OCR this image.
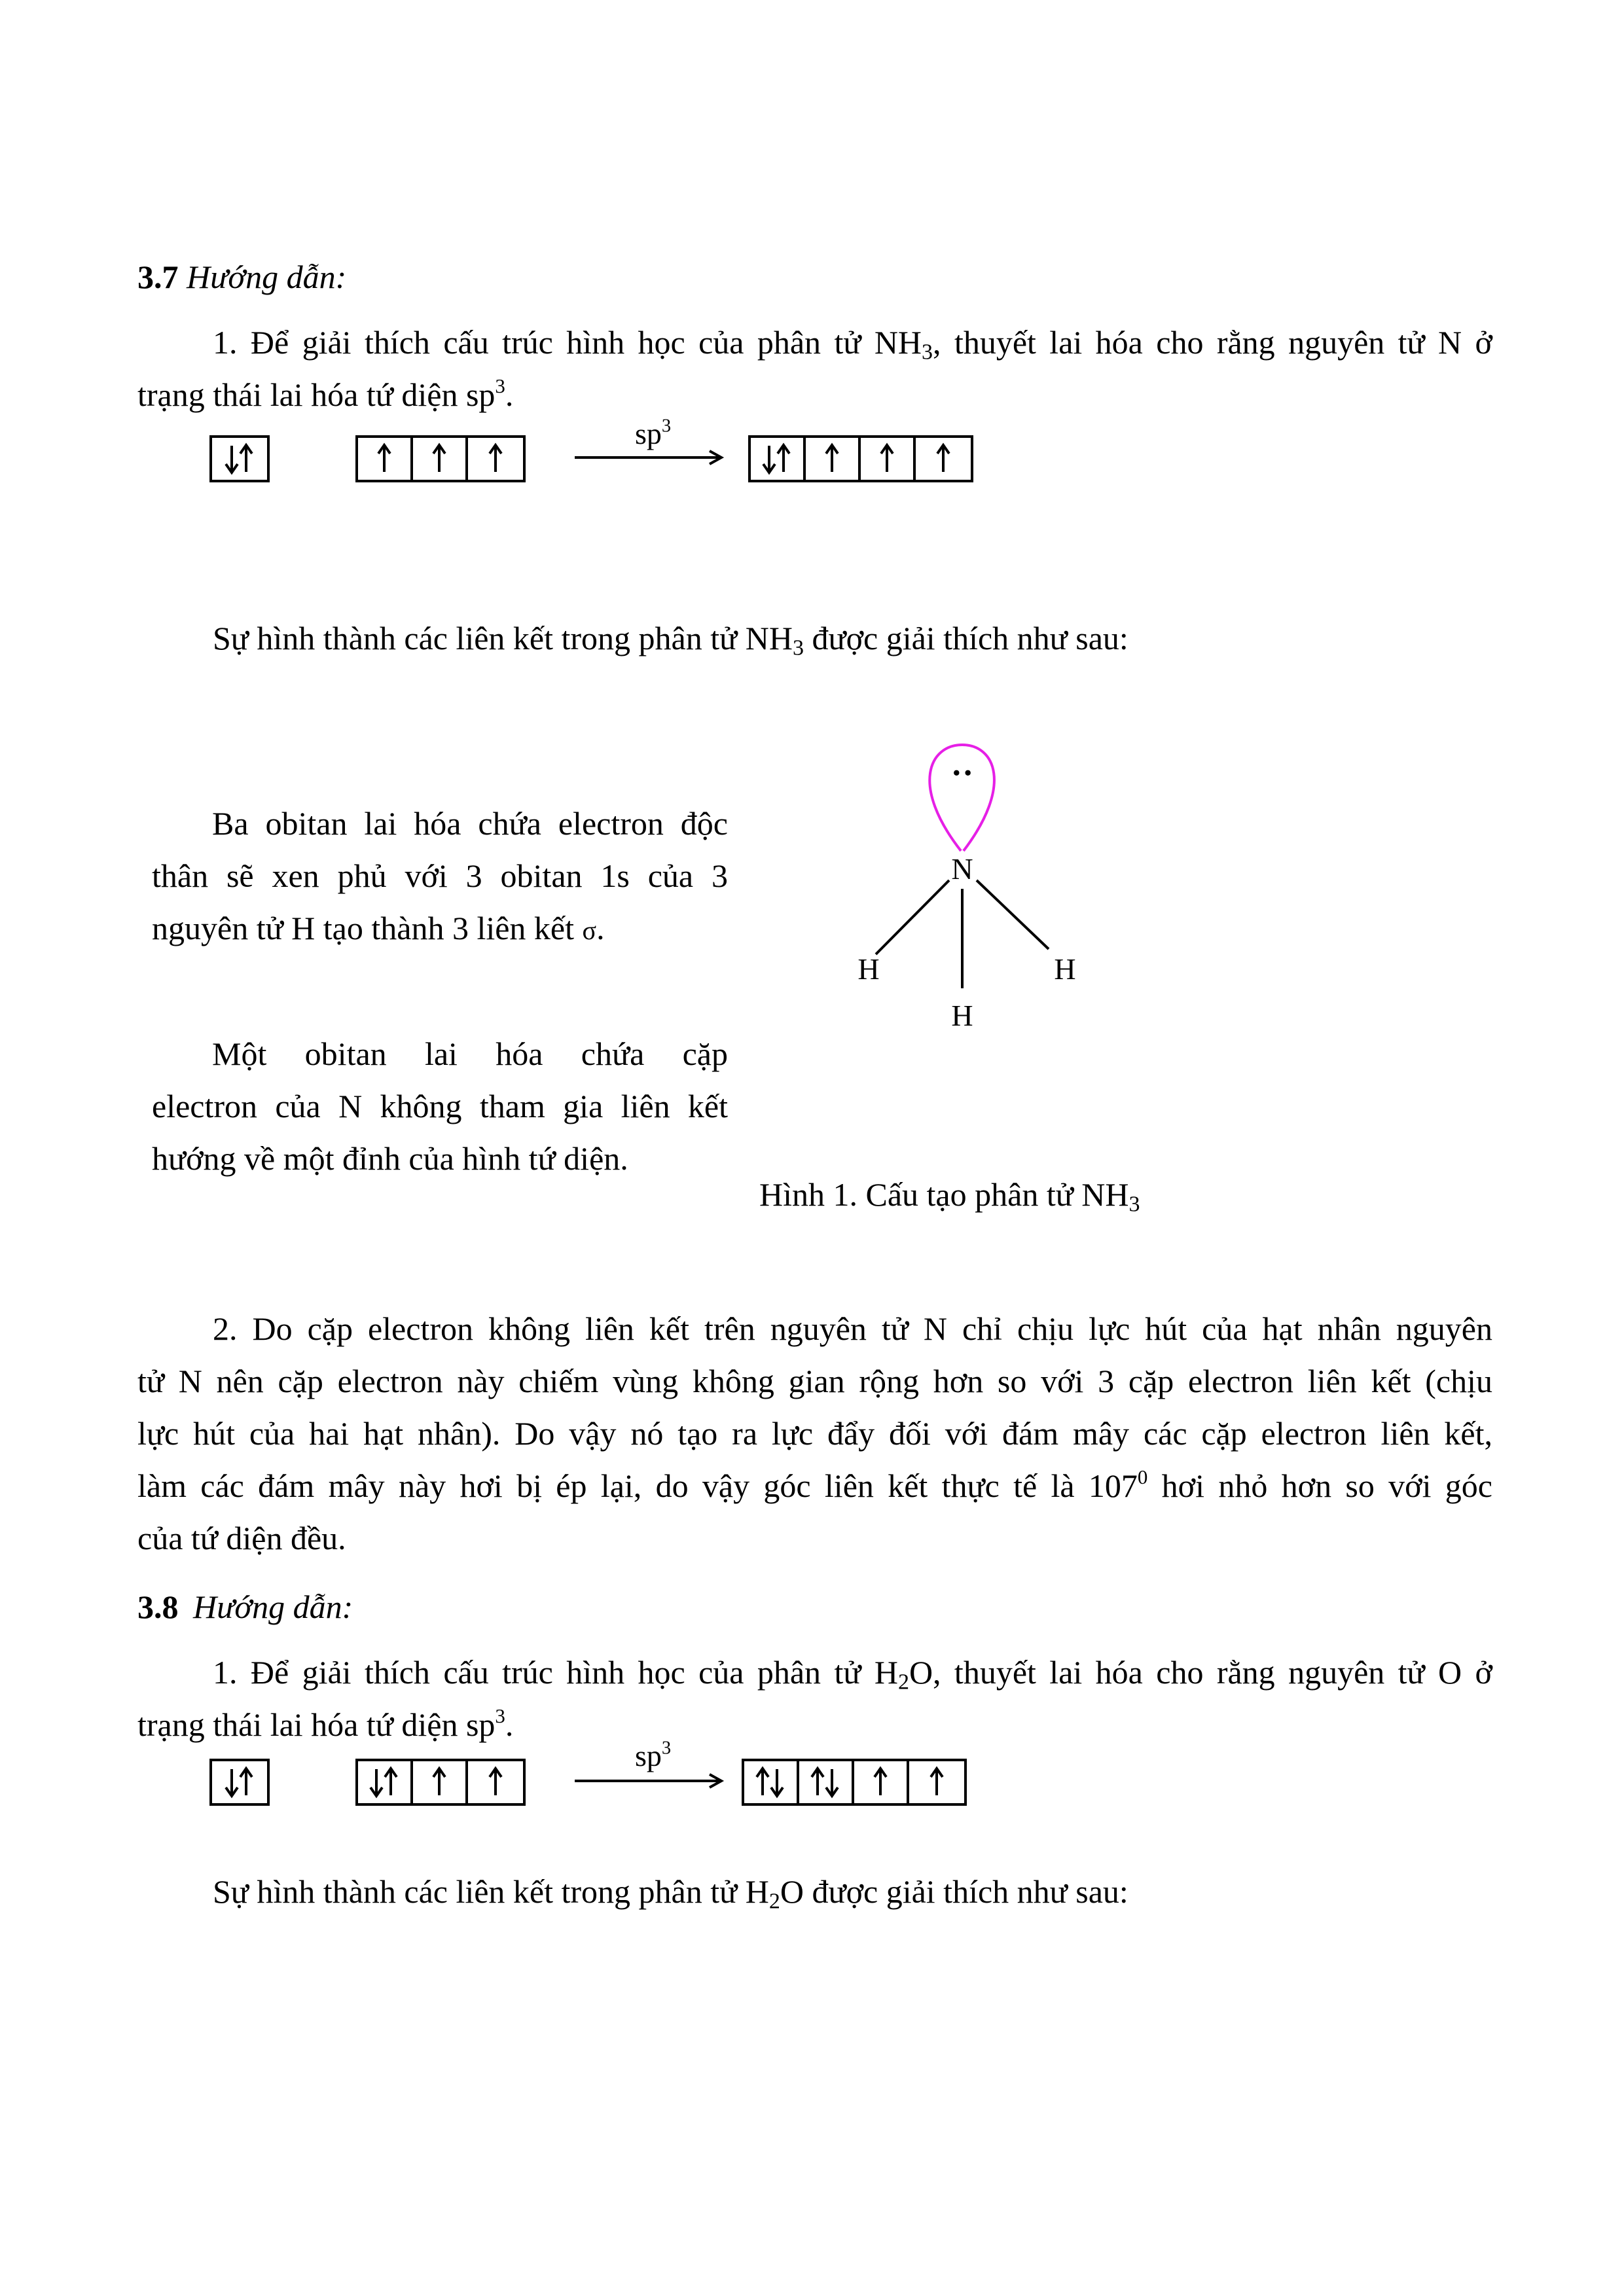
3.7 Hướng dẫn:
1. Để giải thích cấu trúc hình học của phân tử $NH_3$, thuyết lai hóa cho rằng nguyên tử N ở
trạng thái lai hóa tứ diện $sp^3$.
$sp^3$
Sự hình thành các liên kết trong phân tử $NH_3$ được giải thích như sau:
Ba obitan lai hóa chứa electron độc
thân sẽ xen phủ với 3 obitan 1s của 3
nguyên tử H tạo thành 3 liên kết σ.
Một obitan lai hóa chứa cặp
electron của N không tham gia liên kết
hướng về một đỉnh của hình tứ diện.
··
N
H	H
H
Hình 1. Cấu tạo phân tử $NH_3$
2. Do cặp electron không liên kết trên nguyên tử N chỉ chịu lực hút của hạt nhân nguyên
tử N nên cặp electron này chiếm vùng không gian rộng hơn so với 3 cặp electron liên kết (chịu
lực hút của hai hạt nhân). Do vậy nó tạo ra lực đẩy đối với đám mây các cặp electron liên kết,
làm các đám mây này hơi bị ép lại, do vậy góc liên kết thực tế là $107^0$ hơi nhỏ hơn so với góc
của tứ diện đều.
3.8 Hướng dẫn:
1. Để giải thích cấu trúc hình học của phân tử $H_2O$, thuyết lai hóa cho rằng nguyên tử O ở
trạng thái lai hóa tứ diện $sp^3$.
$sp^3$
Sự hình thành các liên kết trong phân tử $H_2O$ được giải thích như sau:
